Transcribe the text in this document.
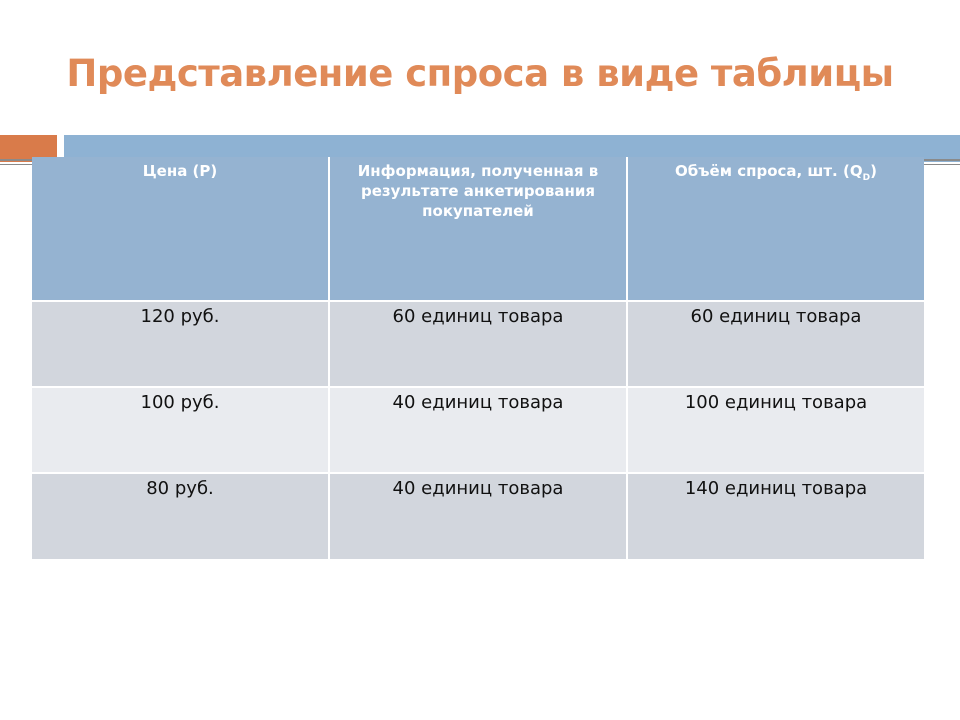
Представление спроса в виде таблицы
Цена (Р)	Информация, полученная в результате анкетирования покупателей	Объём спроса, шт. $(Q_D)$
120 руб.	60 единиц товара	60 единиц товара
100 руб.	40 единиц товара	100 единиц товара
80 руб.	40 единиц товара	140 единиц товара
